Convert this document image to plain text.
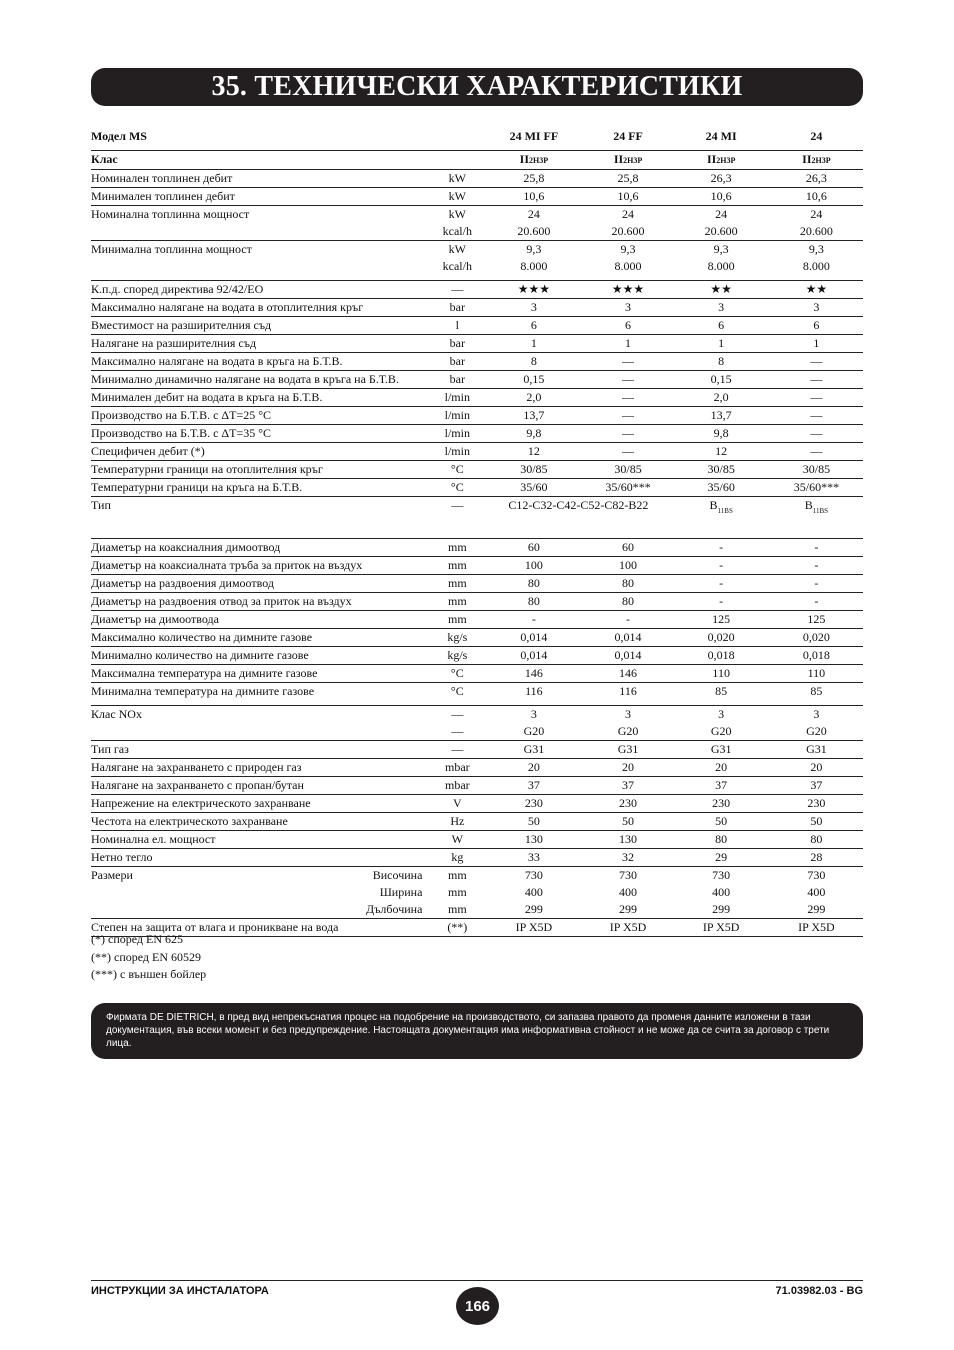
35. ТЕХНИЧЕСКИ ХАРАКТЕРИСТИКИ
Модел MS			24 MI FF	24 FF	24 MI	24
Клас			II2H3P	II2H3P	II2H3P	II2H3P
Номинален топлинен дебит		kW	25,8	25,8	26,3	26,3
Минимален топлинен дебит		kW	10,6	10,6	10,6	10,6
Номинална топлинна мощност		kW	24	24	24	24
		kcal/h	20.600	20.600	20.600	20.600
Минимална топлинна мощност		kW	9,3	9,3	9,3	9,3
		kcal/h	8.000	8.000	8.000	8.000
К.п.д. според директива 92/42/ЕО		—	★★★	★★★	★★	★★
Максимално налягане на водата в отоплителния кръг		bar	3	3	3	3
Вместимост на разширителния съд		l	6	6	6	6
Налягане на разширителния съд		bar	1	1	1	1
Максимално налягане на водата в кръга на Б.Т.В.		bar	8	—	8	—
Минимално динамично налягане на водата в кръга на Б.Т.В.		bar	0,15	—	0,15	—
Минимален дебит на водата в кръга на Б.Т.В.		l/min	2,0	—	2,0	—
Производство на Б.Т.В. с ΔT=25 °C		l/min	13,7	—	13,7	—
Производство на Б.Т.В. с ΔT=35 °C		l/min	9,8	—	9,8	—
Специфичен дебит (*)		l/min	12	—	12	—
Температурни граници на отоплителния кръг		°C	30/85	30/85	30/85	30/85
Температурни граници на кръга на Б.Т.В.		°C	35/60	35/60***	35/60	35/60***
Тип		—	C12-C32-C42-C52-C82-B22		$B_{11BS}$	$B_{11BS}$
Диаметър на коаксиалния димоотвод		mm	60	60	-	-
Диаметър на коаксиалната тръба за приток на въздух		mm	100	100	-	-
Диаметър на раздвоения димоотвод		mm	80	80	-	-
Диаметър на раздвоения отвод за приток на въздух		mm	80	80	-	-
Диаметър на димоотвода		mm	-	-	125	125
Максимално количество на димните газове		kg/s	0,014	0,014	0,020	0,020
Минимално количество на димните газове		kg/s	0,014	0,014	0,018	0,018
Максимална температура на димните газове		°C	146	146	110	110
Минимална температура на димните газове		°C	116	116	85	85
Клас NOx		—	3	3	3	3
		—	G20	G20	G20	G20
Тип газ		—	G31	G31	G31	G31
Налягане на захранването с природен газ		mbar	20	20	20	20
Налягане на захранването с пропан/бутан		mbar	37	37	37	37
Напрежение на електрическото захранване		V	230	230	230	230
Честота на електрическото захранване		Hz	50	50	50	50
Номинална ел. мощност		W	130	130	80	80
Нетно тегло		kg	33	32	29	28
Размери	Височина	mm	730	730	730	730
	Ширина	mm	400	400	400	400
	Дълбочина	mm	299	299	299	299
Степен на защита от влага и проникване на вода		(**)	IP X5D	IP X5D	IP X5D	IP X5D
(*) според EN 625
(**) според EN 60529
(***) с външен бойлер
Фирмата DE DIETRICH, в пред вид непрекъснатия процес на подобрение на производството, си запазва правото да променя данните изложени в тази документация, във всеки момент и без предупреждение. Настоящата документация има информативна стойност и не може да се счита за договор с трети лица.
ИНСТРУКЦИИ ЗА ИНСТАЛАТОРА
166
71.03982.03 - BG
